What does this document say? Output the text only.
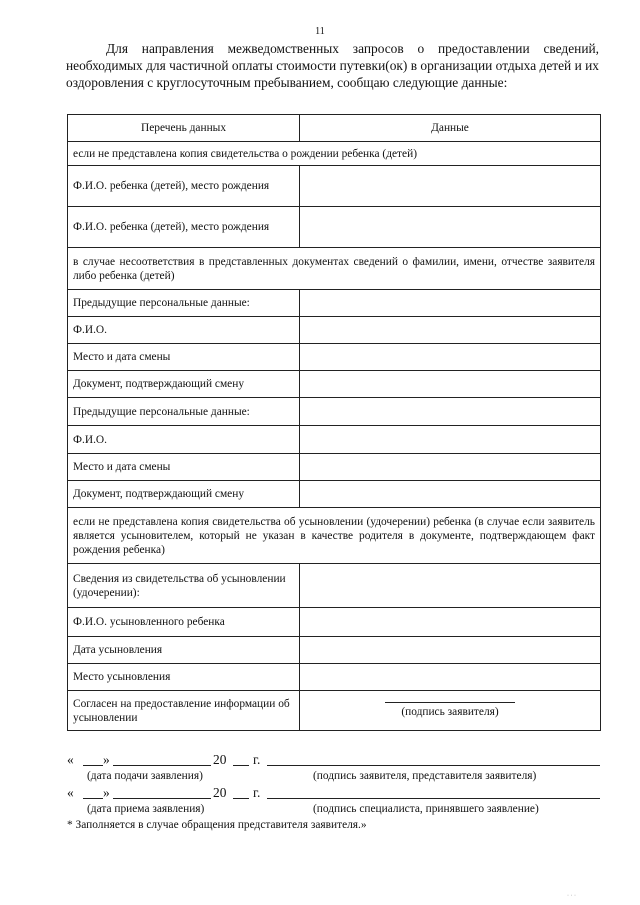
11

Для направления межведомственных запросов о предоставлении сведений, необходимых для частичной оплаты стоимости путевки(ок) в организации отдыха детей и их оздоровления с круглосуточным пребыванием, сообщаю следующие данные:

Перечень данных	Данные
если не представлена копия свидетельства о рождении ребенка (детей)	
Ф.И.О. ребенка (детей), место рождения	
Ф.И.О. ребенка (детей), место рождения	
в случае несоответствия в представленных документах сведений о фамилии, имени, отчестве заявителя либо ребенка (детей)	
Предыдущие персональные данные:	
Ф.И.О.	
Место и дата смены	
Документ, подтверждающий смену	
Предыдущие персональные данные:	
Ф.И.О.	
Место и дата смены	
Документ, подтверждающий смену	
если не представлена копия свидетельства об усыновлении (удочерении) ребенка (в случае если заявитель является усыновителем, который не указан в качестве родителя в документе, подтверждающем факт рождения ребенка)	
Сведения из свидетельства об усыновлении (удочерении):	
Ф.И.О. усыновленного ребенка	
Дата усыновления	
Место усыновления	
Согласен на предоставление информации об усыновлении	(подпись заявителя)
« »	20 г.
(дата подачи заявления)	(подпись заявителя, представителя заявителя)
« »	20 г.
(дата приема заявления)	(подпись специалиста, принявшего заявление)
* Заполняется в случае обращения представителя заявителя.»
· · ·
